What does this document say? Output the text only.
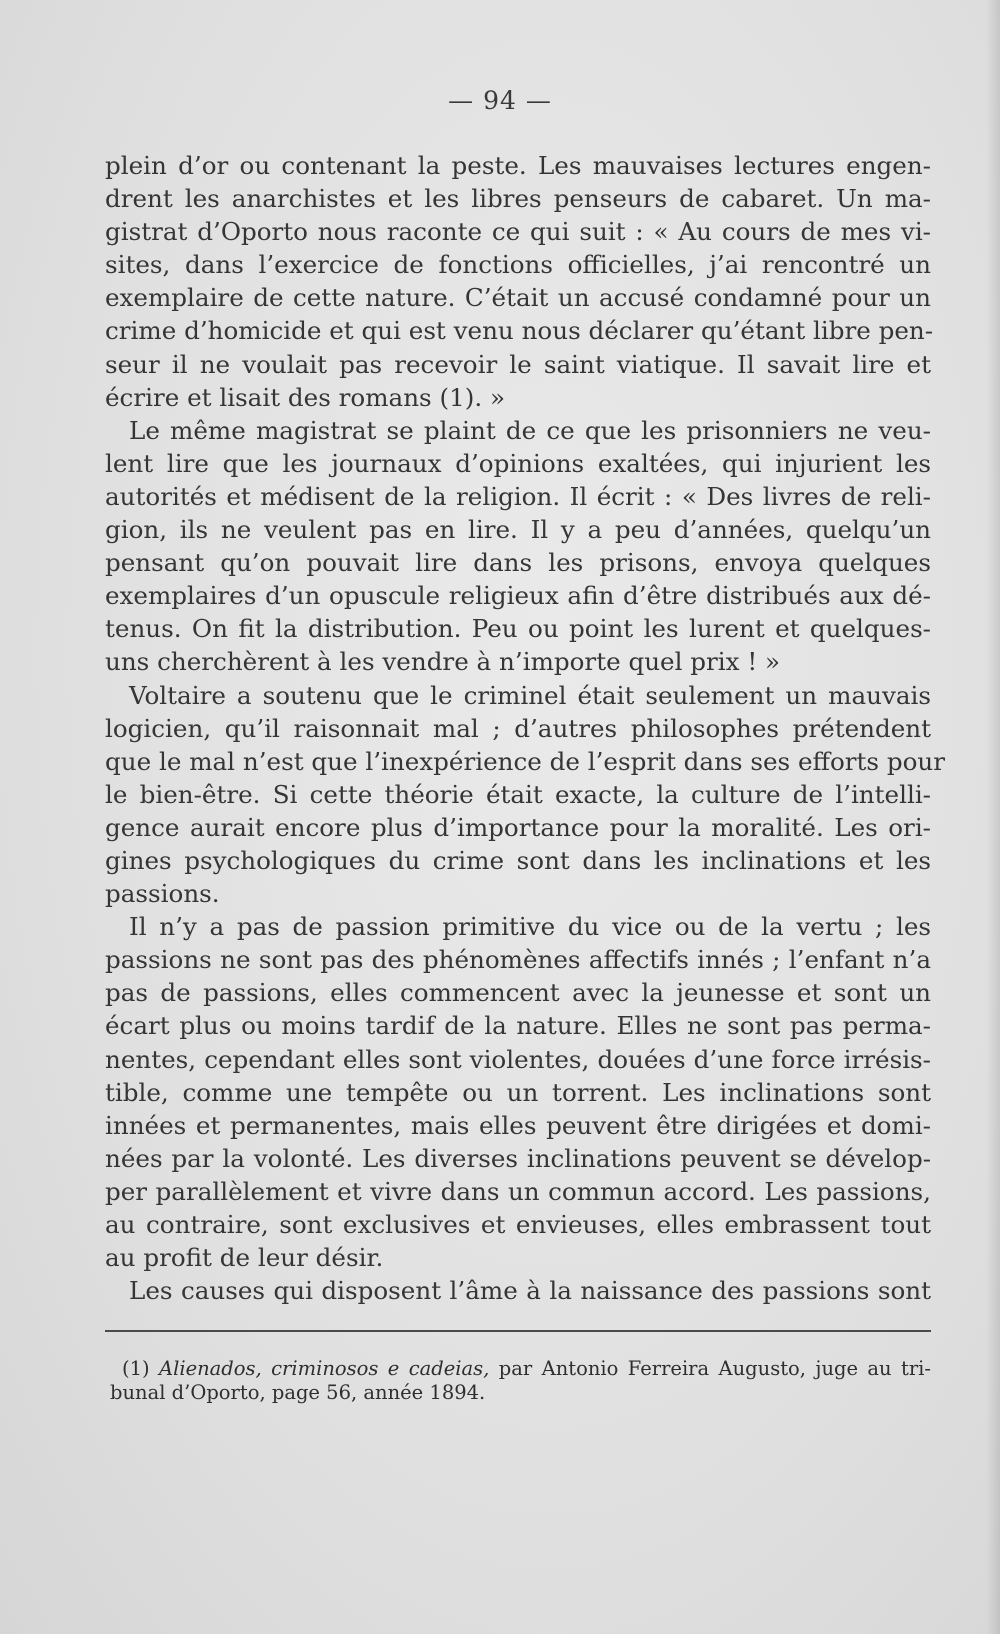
— 94 —
plein d’or ou contenant la peste. Les mauvaises lectures engen-
drent les anarchistes et les libres penseurs de cabaret. Un ma-
gistrat d’Oporto nous raconte ce qui suit : « Au cours de mes vi-
sites, dans l’exercice de fonctions officielles, j’ai rencontré un
exemplaire de cette nature. C’était un accusé condamné pour un
crime d’homicide et qui est venu nous déclarer qu’étant libre pen-
seur il ne voulait pas recevoir le saint viatique. Il savait lire et
écrire et lisait des romans (1). »
Le même magistrat se plaint de ce que les prisonniers ne veu-
lent lire que les journaux d’opinions exaltées, qui injurient les
autorités et médisent de la religion. Il écrit : « Des livres de reli-
gion, ils ne veulent pas en lire. Il y a peu d’années, quelqu’un
pensant qu’on pouvait lire dans les prisons, envoya quelques
exemplaires d’un opuscule religieux afin d’être distribués aux dé-
tenus. On fit la distribution. Peu ou point les lurent et quelques-
uns cherchèrent à les vendre à n’importe quel prix ! »
Voltaire a soutenu que le criminel était seulement un mauvais
logicien, qu’il raisonnait mal ; d’autres philosophes prétendent
que le mal n’est que l’inexpérience de l’esprit dans ses efforts pour
le bien-être. Si cette théorie était exacte, la culture de l’intelli-
gence aurait encore plus d’importance pour la moralité. Les ori-
gines psychologiques du crime sont dans les inclinations et les
passions.
Il n’y a pas de passion primitive du vice ou de la vertu ; les
passions ne sont pas des phénomènes affectifs innés ; l’enfant n’a
pas de passions, elles commencent avec la jeunesse et sont un
écart plus ou moins tardif de la nature. Elles ne sont pas perma-
nentes, cependant elles sont violentes, douées d’une force irrésis-
tible, comme une tempête ou un torrent. Les inclinations sont
innées et permanentes, mais elles peuvent être dirigées et domi-
nées par la volonté. Les diverses inclinations peuvent se dévelop-
per parallèlement et vivre dans un commun accord. Les passions,
au contraire, sont exclusives et envieuses, elles embrassent tout
au profit de leur désir.
Les causes qui disposent l’âme à la naissance des passions sont
(1) Alienados, criminosos e cadeias, par Antonio Ferreira Augusto, juge au tri-
bunal d’Oporto, page 56, année 1894.
